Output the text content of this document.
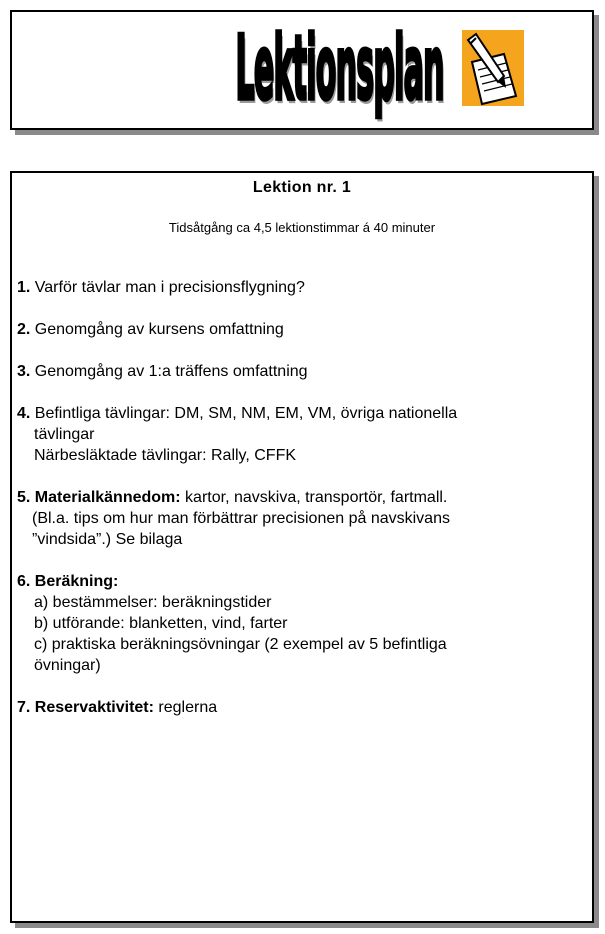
Lektionsplan
Lektion nr. 1
Tidsåtgång ca 4,5 lektionstimmar á 40 minuter
1. Varför tävlar man i precisionsflygning?
2. Genomgång av kursens omfattning
3. Genomgång av 1:a träffens omfattning
4. Befintliga tävlingar: DM, SM, NM, EM, VM, övriga nationella
tävlingar
Närbesläktade tävlingar: Rally, CFFK
5. Materialkännedom: kartor, navskiva, transportör, fartmall.
(Bl.a. tips om hur man förbättrar precisionen på navskivans
”vindsida”.) Se bilaga
6. Beräkning:
a) bestämmelser: beräkningstider
b) utförande: blanketten, vind, farter
c) praktiska beräkningsövningar (2 exempel av 5 befintliga
övningar)
7. Reservaktivitet: reglerna
